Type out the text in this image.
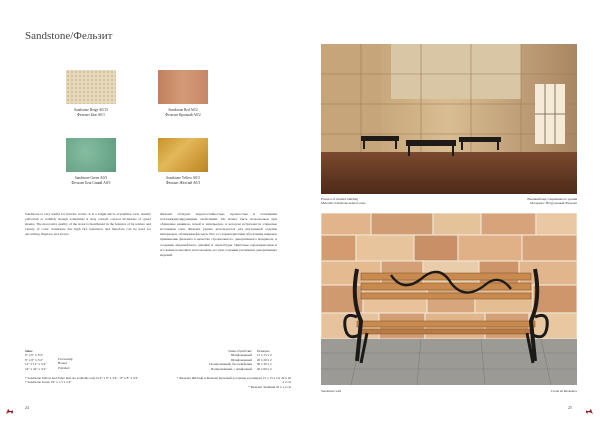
Sandstone/Фельзит
Sandstone Beige A0/15
Фельзит Беж A0/1
Sandstone Red A0/2
Фельзит Красный A0/2
Sandstone Green A0/3
Фельзит Беж Синий A0/3
Sandstone Yellow A0/3
Фельзит Жёлтый A0/3
Sandstone is very useful for interior works. It is a bright micro-crystalline rock, usually yellowish or reddish, though sometimes it may contain colored inclusions of green shades. The decorative quality of the stone is manifested in the features of its texture and variety of color. Sandstone has high fire resistance and therefore can be used for decorating fireplace and stoves.
Фельзит обладает жаропостойкостью, прочностью и отличными теплоаккумулирующими свойствами. Он может быть использован при облицовке каминов, печей и интерьеров, в котором встречаются открытые источники огня. Фельзит удачно используется для внутренней отделки интерьеров, облицовки фасадов. Все это характеристики обусловили широкое применение фельзита в качестве строительного, декоративного материала, в создании ландшафтного дизайна и скульптуры. Цветовые характеристики и его камня позволяют использовать его при создании различных декоративных изделий.
Sizes:
6" x 6" x 3/4"
8" x 8" x 3/4"
12" x 12" x 3/4"
16" x 24" x 3/4"
Processing:
Honed
Polished
* Sandstone Yellow and Fabio Red are available only in 6" x 6" x 3/4" / 8" x 8" x 3/4"
* Sandstone Green 18" x 1,5 x 1/4"
Типы обработки: Размеры:
Шлифованный 15 x 15 x 2
Шлифованный 20 x 20 x 2
Полированный, без шлифовки 30 x 30 x 2
Полированный, с шлифовкой 40 x 60 x 2
* Фельзит Жёлтый и Фельзит Красный доступны в размерах 15 x 15 x 2 и 20 x 20 x 2 см
* Фельзит Зелёный 45 x 1,2 см
24
Exterior of modern building
Materials Sandstone natural stone
Внешний вид современного здания
Материал: Натуральный Фельзит
Sandstone wall	Стена из Фельзита
25
